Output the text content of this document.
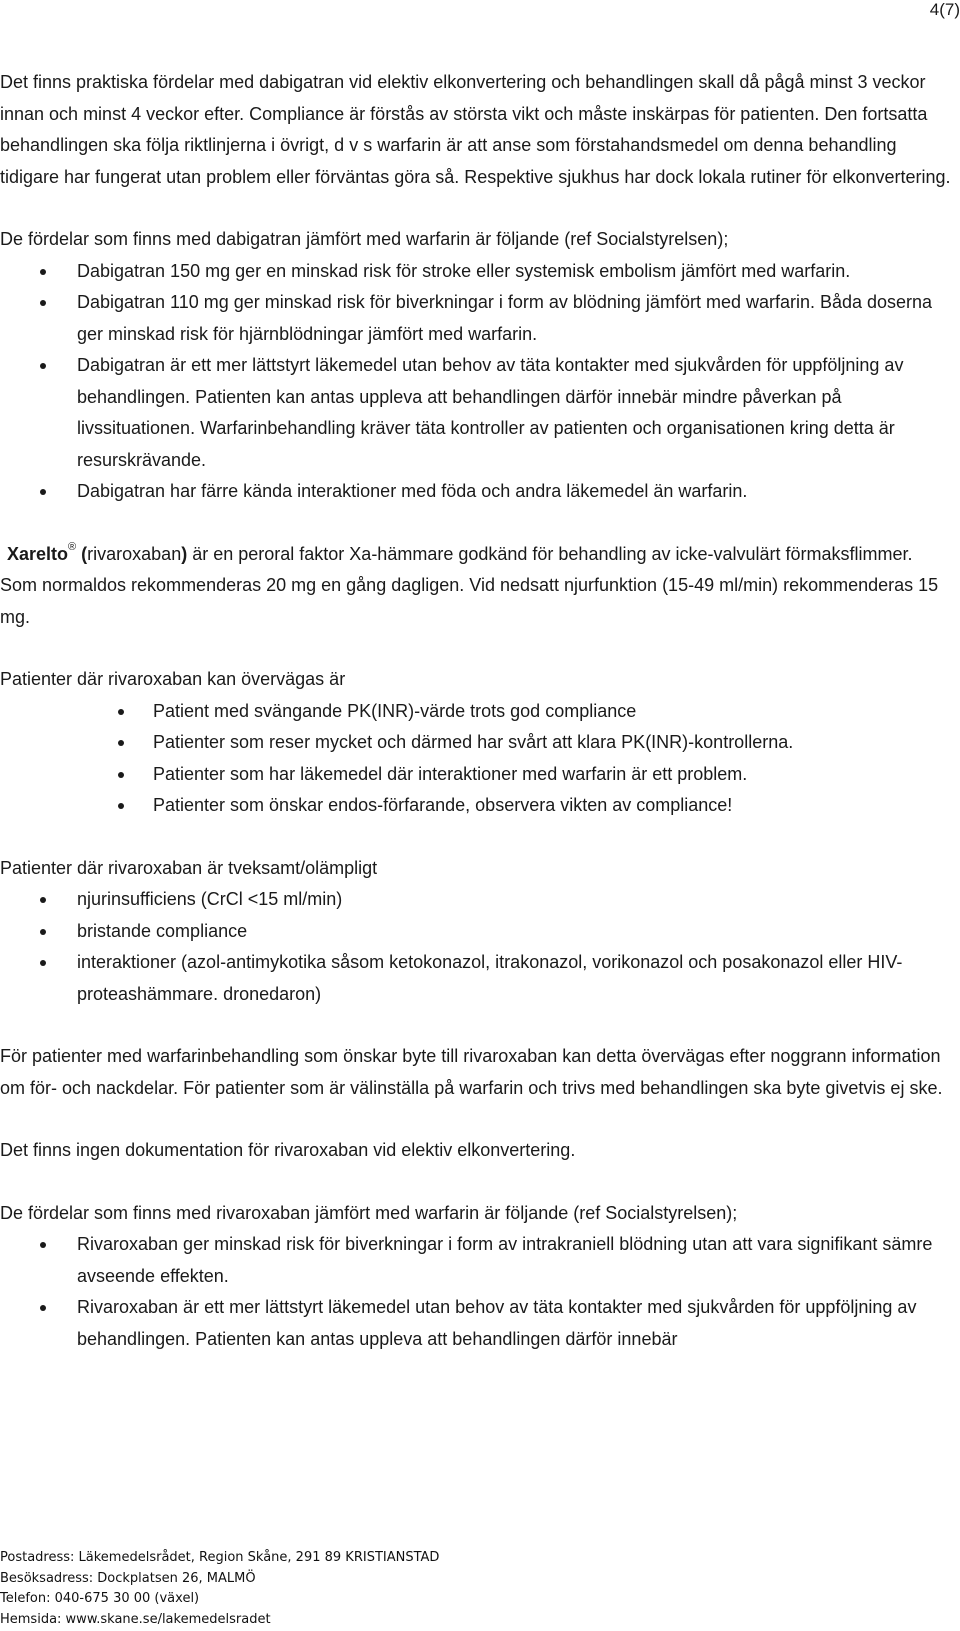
4(7)

Det finns praktiska fördelar med dabigatran vid elektiv elkonvertering och behandlingen skall då pågå minst 3 veckor innan och minst 4 veckor efter. Compliance är förstås av största vikt och måste inskärpas för patienten. Den fortsatta behandlingen ska följa riktlinjerna i övrigt, d v s warfarin är att anse som förstahandsmedel om denna behandling tidigare har fungerat utan problem eller förväntas göra så. Respektive sjukhus har dock lokala rutiner för elkonvertering.

De fördelar som finns med dabigatran jämfört med warfarin är följande (ref Socialstyrelsen);

Dabigatran 150 mg ger en minskad risk för stroke eller systemisk embolism jämfört med warfarin.
Dabigatran 110 mg ger minskad risk för biverkningar i form av blödning jämfört med warfarin. Båda doserna ger minskad risk för hjärnblödningar jämfört med warfarin.
Dabigatran är ett mer lättstyrt läkemedel utan behov av täta kontakter med sjukvården för uppföljning av behandlingen. Patienten kan antas uppleva att behandlingen därför innebär mindre påverkan på livssituationen. Warfarinbehandling kräver täta kontroller av patienten och organisationen kring detta är resurskrävande.
Dabigatran har färre kända interaktioner med föda och andra läkemedel än warfarin.

Xarelto® (rivaroxaban) är en peroral faktor Xa-hämmare godkänd för behandling av icke-valvulärt förmaksflimmer.

Som normaldos rekommenderas 20 mg en gång dagligen. Vid nedsatt njurfunktion (15-49 ml/min) rekommenderas 15 mg.

Patienter där rivaroxaban kan övervägas är

Patient med svängande PK(INR)-värde trots god compliance
Patienter som reser mycket och därmed har svårt att klara PK(INR)-kontrollerna.
Patienter som har läkemedel där interaktioner med warfarin är ett problem.
Patienter som önskar endos-förfarande, observera vikten av compliance!

Patienter där rivaroxaban är tveksamt/olämpligt

njurinsufficiens (CrCl <15 ml/min)
bristande compliance
interaktioner (azol-antimykotika såsom ketokonazol, itrakonazol, vorikonazol och posakonazol eller HIV-proteashämmare. dronedaron)

För patienter med warfarinbehandling som önskar byte till rivaroxaban kan detta övervägas efter noggrann information om för- och nackdelar. För patienter som är välinställa på warfarin och trivs med behandlingen ska byte givetvis ej ske.

Det finns ingen dokumentation för rivaroxaban vid elektiv elkonvertering.

De fördelar som finns med rivaroxaban jämfört med warfarin är följande (ref Socialstyrelsen);

Rivaroxaban ger minskad risk för biverkningar i form av intrakraniell blödning utan att vara signifikant sämre avseende effekten.
Rivaroxaban är ett mer lättstyrt läkemedel utan behov av täta kontakter med sjukvården för uppföljning av behandlingen. Patienten kan antas uppleva att behandlingen därför innebär
Postadress: Läkemedelsrådet, Region Skåne, 291 89 KRISTIANSTAD
Besöksadress: Dockplatsen 26, MALMÖ
Telefon: 040-675 30 00 (växel)
Hemsida: www.skane.se/lakemedelsradet
